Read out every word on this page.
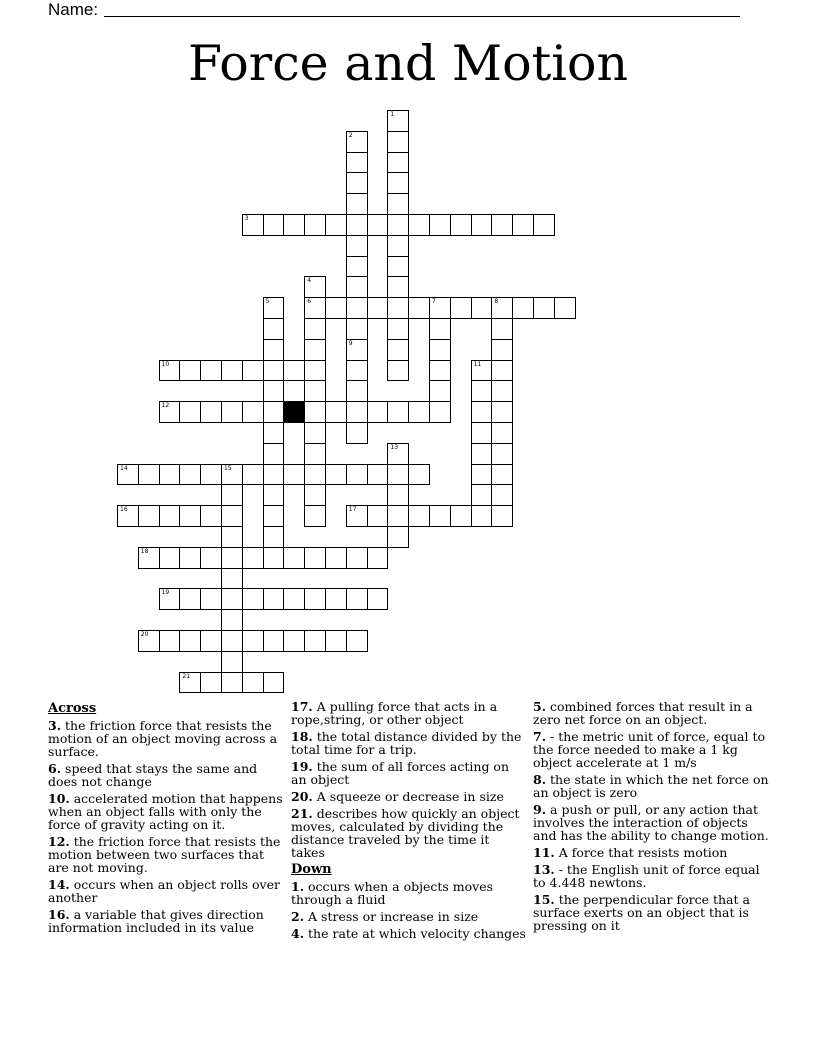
Name:
Force and Motion
1
2
9
3
4
6
5	7	8
10	11
12
13
14	15
16	17
18
19
20
21
Across
3. the friction force that resists the motion of an object moving across a surface.
6. speed that stays the same and does not change
10. accelerated motion that happens when an object falls with only the force of gravity acting on it.
12. the friction force that resists the motion between two surfaces that are not moving.
14. occurs when an object rolls over another
16. a variable that gives direction information included in its value
17. A pulling force that acts in a rope,string, or other object
18. the total distance divided by the total time for a trip.
19. the sum of all forces acting on an object
20. A squeeze or decrease in size
21. describes how quickly an object moves, calculated by dividing the distance traveled by the time it takes
Down
1. occurs when a objects moves through a fluid
2. A stress or increase in size
4. the rate at which velocity changes
5. combined forces that result in a zero net force on an object.
7. - the metric unit of force, equal to the force needed to make a 1 kg object accelerate at 1 m/s
8. the state in which the net force on an object is zero
9. a push or pull, or any action that involves the interaction of objects and has the ability to change motion.
11. A force that resists motion
13. - the English unit of force equal to 4.448 newtons.
15. the perpendicular force that a surface exerts on an object that is pressing on it
